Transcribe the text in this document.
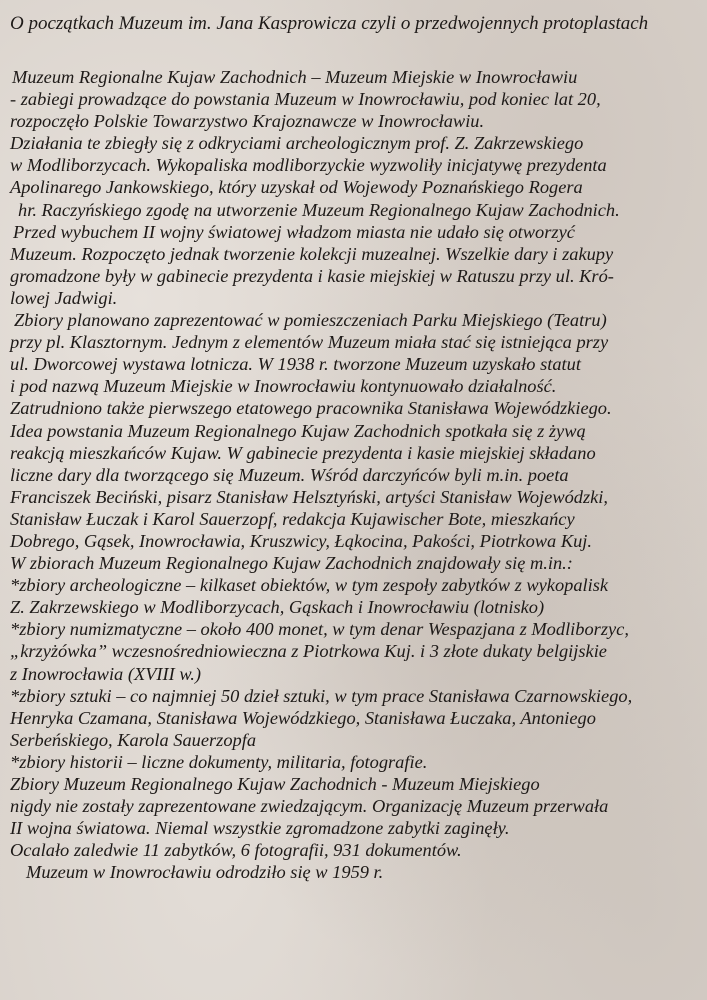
O początkach Muzeum im. Jana Kasprowicza czyli o przedwojennych protoplastach
Muzeum Regionalne Kujaw Zachodnich – Muzeum Miejskie w Inowrocławiu
- zabiegi prowadzące do powstania Muzeum w Inowrocławiu, pod koniec lat 20,
rozpoczęło Polskie Towarzystwo Krajoznawcze w Inowrocławiu.
Działania te zbiegły się z odkryciami archeologicznym prof. Z. Zakrzewskiego
w Modliborzycach. Wykopaliska modliborzyckie wyzwoliły inicjatywę prezydenta
Apolinarego Jankowskiego, który uzyskał od Wojewody Poznańskiego Rogera
hr. Raczyńskiego zgodę na utworzenie Muzeum Regionalnego Kujaw Zachodnich.
Przed wybuchem II wojny światowej władzom miasta nie udało się otworzyć
Muzeum. Rozpoczęto jednak tworzenie kolekcji muzealnej. Wszelkie dary i zakupy
gromadzone były w gabinecie prezydenta i kasie miejskiej w Ratuszu przy ul. Kró-
lowej Jadwigi.
Zbiory planowano zaprezentować w pomieszczeniach Parku Miejskiego (Teatru)
przy pl. Klasztornym. Jednym z elementów Muzeum miała stać się istniejąca przy
ul. Dworcowej wystawa lotnicza. W 1938 r. tworzone Muzeum uzyskało statut
i pod nazwą Muzeum Miejskie w Inowrocławiu kontynuowało działalność.
Zatrudniono także pierwszego etatowego pracownika Stanisława Wojewódzkiego.
Idea powstania Muzeum Regionalnego Kujaw Zachodnich spotkała się z żywą
reakcją mieszkańców Kujaw. W gabinecie prezydenta i kasie miejskiej składano
liczne dary dla tworzącego się Muzeum. Wśród darczyńców byli m.in. poeta
Franciszek Beciński, pisarz Stanisław Helsztyński, artyści Stanisław Wojewódzki,
Stanisław Łuczak i Karol Sauerzopf, redakcja Kujawischer Bote, mieszkańcy
Dobrego, Gąsek, Inowrocławia, Kruszwicy, Łąkocina, Pakości, Piotrkowa Kuj.
W zbiorach Muzeum Regionalnego Kujaw Zachodnich znajdowały się m.in.:
*zbiory archeologiczne – kilkaset obiektów, w tym zespoły zabytków z wykopalisk
Z. Zakrzewskiego w Modliborzycach, Gąskach i Inowrocławiu (lotnisko)
*zbiory numizmatyczne – około 400 monet, w tym denar Wespazjana z Modliborzyc,
„krzyżówka” wczesnośredniowieczna z Piotrkowa Kuj. i 3 złote dukaty belgijskie
z Inowrocławia (XVIII w.)
*zbiory sztuki – co najmniej 50 dzieł sztuki, w tym prace Stanisława Czarnowskiego,
Henryka Czamana, Stanisława Wojewódzkiego, Stanisława Łuczaka, Antoniego
Serbeńskiego, Karola Sauerzopfa
*zbiory historii – liczne dokumenty, militaria, fotografie.
Zbiory Muzeum Regionalnego Kujaw Zachodnich - Muzeum Miejskiego
nigdy nie zostały zaprezentowane zwiedzającym. Organizację Muzeum przerwała
II wojna światowa. Niemal wszystkie zgromadzone zabytki zaginęły.
Ocalało zaledwie 11 zabytków, 6 fotografii, 931 dokumentów.
Muzeum w Inowrocławiu odrodziło się w 1959 r.
